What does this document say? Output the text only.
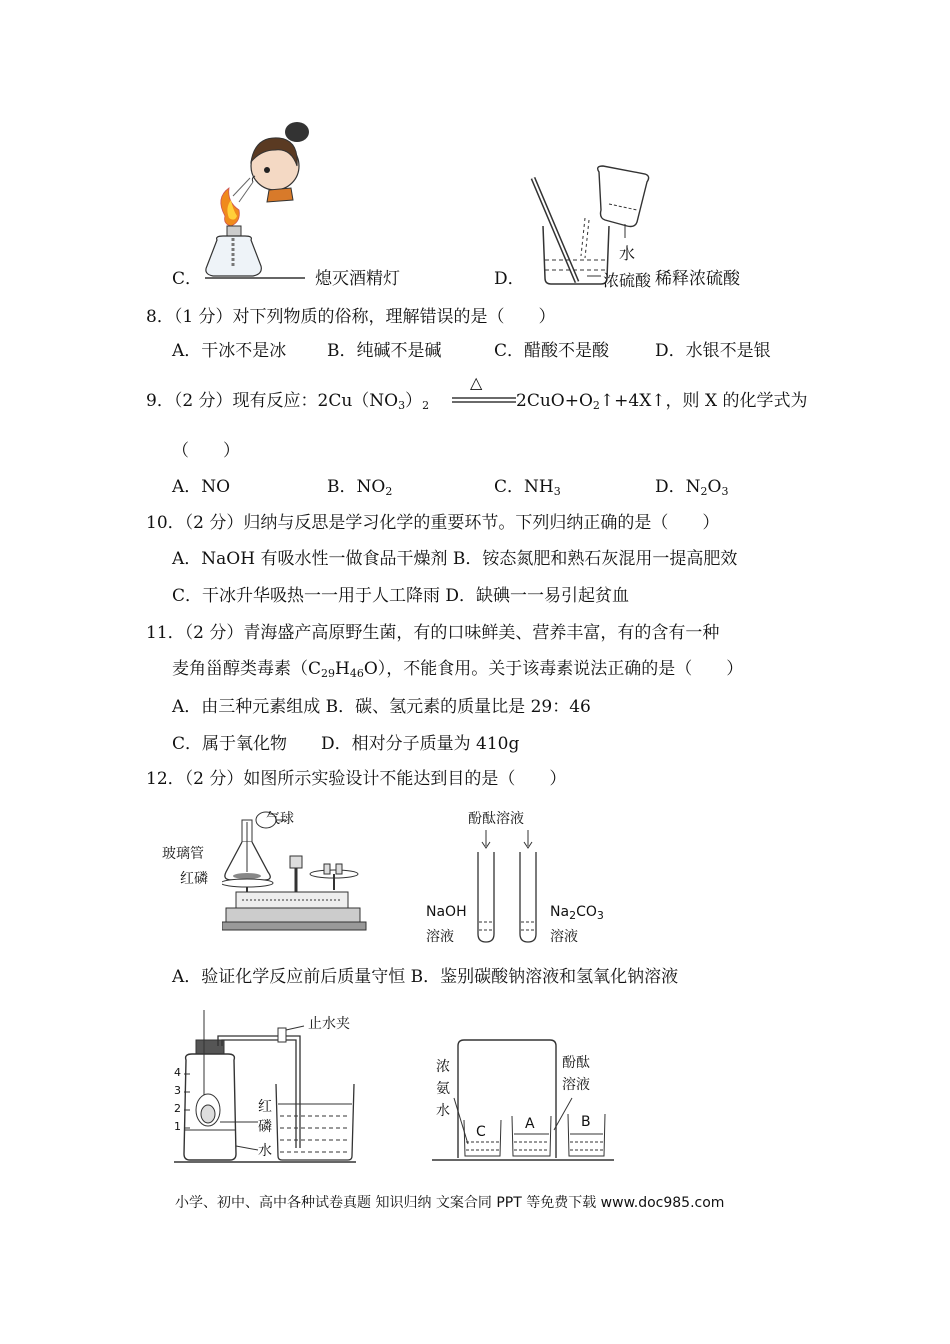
C．	熄灭酒精灯	D．
水
浓硫酸 稀释浓硫酸
8．（1 分）对下列物质的俗称，理解错误的是（　　）
A．干冰不是冰 B．纯碱不是碱	C．醋酸不是酸	D．水银不是银
9．（2 分）现有反应：$2Cu(NO_3)_2$
△
$2CuO+O_2↑+4X↑$，则 X 的化学式为
（　　）
A．NO	B．$NO_2$	C．$NH_3$	D．$N_2O_3$
10．（2 分）归纳与反思是学习化学的重要环节。下列归纳正确的是（　　）
A．NaOH 有吸水性一做食品干燥剂 B．铵态氮肥和熟石灰混用一提高肥效
C．干冰升华吸热一一用于人工降雨 D．缺碘一一易引起贫血
11．（2 分）青海盛产高原野生菌，有的口味鲜美、营养丰富，有的含有一种
麦角甾醇类毒素$(C_{29}H_{46}O)$，不能食用。关于该毒素说法正确的是（　　）
A．由三种元素组成 B．碳、氢元素的质量比是 29：46
C．属于氧化物　　D．相对分子质量为 410g
12．（2 分）如图所示实验设计不能达到目的是（　　）
气球
玻璃管
红磷
酚酞溶液
NaOH
溶液
$Na_2CO_3$
溶液
A．验证化学反应前后质量守恒 B．鉴别碳酸钠溶液和氢氧化钠溶液
止水夹
红
磷
水
4
3
2
1
浓
氨
水
酚酞
溶液
C	A	B
小学、初中、高中各种试卷真题 知识归纳 文案合同 PPT 等免费下载 www.doc985.com
